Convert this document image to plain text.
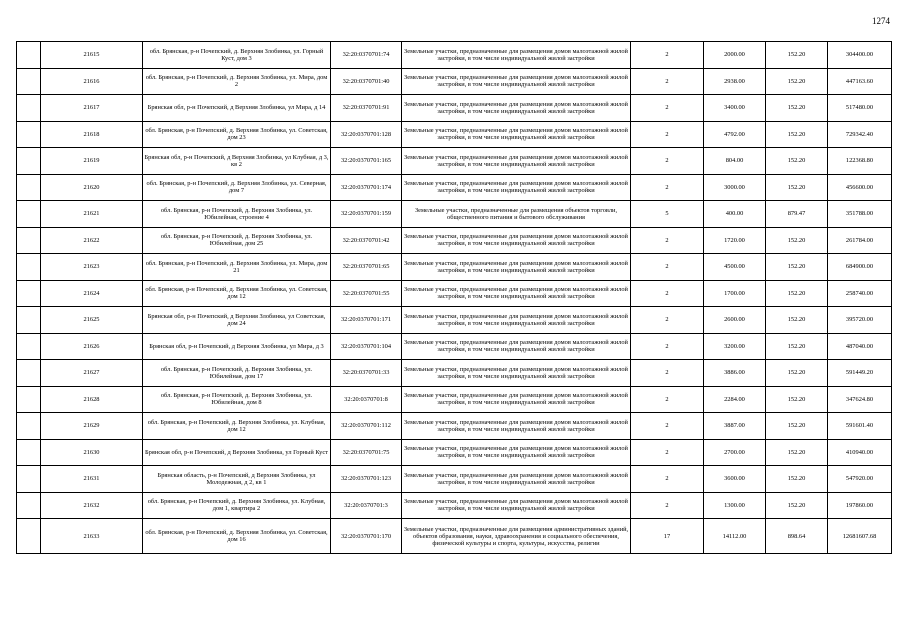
1274
	21615	обл. Брянская, р-н Почепский, д. Верхняя Злобинка, ул. Горный Куст, дом 3	32:20:0370701:74	Земельные участки, предназначенные для размещения домов малоэтажной жилой застройки, в том числе индивидуальной жилой застройки	2	2000.00	152.20	304400.00
	21616	обл. Брянская, р-н Почепский, д. Верхняя Злобинка, ул. Мира, дом 2	32:20:0370701:40	Земельные участки, предназначенные для размещения домов малоэтажной жилой застройки, в том числе индивидуальной жилой застройки	2	2938.00	152.20	447163.60
	21617	Брянская обл, р-н Почепский, д Верхняя Злобинка, ул Мира, д 14	32:20:0370701:91	Земельные участки, предназначенные для размещения домов малоэтажной жилой застройки, в том числе индивидуальной жилой застройки	2	3400.00	152.20	517480.00
	21618	обл. Брянская, р-н Почепский, д. Верхняя Злобинка, ул. Советская, дом 23	32:20:0370701:128	Земельные участки, предназначенные для размещения домов малоэтажной жилой застройки, в том числе индивидуальной жилой застройки	2	4792.00	152.20	729342.40
	21619	Брянская обл, р-н Почепский, д Верхняя Злобинка, ул Клубная, д 3, кв 2	32:20:0370701:165	Земельные участки, предназначенные для размещения домов малоэтажной жилой застройки, в том числе индивидуальной жилой застройки	2	804.00	152.20	122368.80
	21620	обл. Брянская, р-н Почепский, д. Верхняя Злобинка, ул. Северная, дом 7	32:20:0370701:174	Земельные участки, предназначенные для размещения домов малоэтажной жилой застройки, в том числе индивидуальной жилой застройки	2	3000.00	152.20	456600.00
	21621	обл. Брянская, р-н Почепский, д. Верхняя Злобинка, ул. Юбилейная, строение 4	32:20:0370701:159	Земельные участки, предназначенные для размещения объектов торговли, общественного питания и бытового обслуживания	5	400.00	879.47	351788.00
	21622	обл. Брянская, р-н Почепский, д. Верхняя Злобинка, ул. Юбилейная, дом 25	32:20:0370701:42	Земельные участки, предназначенные для размещения домов малоэтажной жилой застройки, в том числе индивидуальной жилой застройки	2	1720.00	152.20	261784.00
	21623	обл. Брянская, р-н Почепский, д. Верхняя Злобинка, ул. Мира, дом 21	32:20:0370701:65	Земельные участки, предназначенные для размещения домов малоэтажной жилой застройки, в том числе индивидуальной жилой застройки	2	4500.00	152.20	684900.00
	21624	обл. Брянская, р-н Почепский, д. Верхняя Злобинка, ул. Советская, дом 12	32:20:0370701:55	Земельные участки, предназначенные для размещения домов малоэтажной жилой застройки, в том числе индивидуальной жилой застройки	2	1700.00	152.20	258740.00
	21625	Брянская обл, р-н Почепский, д Верхняя Злобинка, ул Советская, дом 24	32:20:0370701:171	Земельные участки, предназначенные для размещения домов малоэтажной жилой застройки, в том числе индивидуальной жилой застройки	2	2600.00	152.20	395720.00
	21626	Брянская обл, р-н Почепский, д Верхняя Злобинка, ул Мира, д 3	32:20:0370701:104	Земельные участки, предназначенные для размещения домов малоэтажной жилой застройки, в том числе индивидуальной жилой застройки	2	3200.00	152.20	487040.00
	21627	обл. Брянская, р-н Почепский, д. Верхняя Злобинка, ул. Юбилейная, дом 17	32:20:0370701:33	Земельные участки, предназначенные для размещения домов малоэтажной жилой застройки, в том числе индивидуальной жилой застройки	2	3886.00	152.20	591449.20
	21628	обл. Брянская, р-н Почепский, д. Верхняя Злобинка, ул. Юбилейная, дом 8	32:20:0370701:8	Земельные участки, предназначенные для размещения домов малоэтажной жилой застройки, в том числе индивидуальной жилой застройки	2	2284.00	152.20	347624.80
	21629	обл. Брянская, р-н Почепский, д. Верхняя Злобинка, ул. Клубная, дом 12	32:20:0370701:112	Земельные участки, предназначенные для размещения домов малоэтажной жилой застройки, в том числе индивидуальной жилой застройки	2	3887.00	152.20	591601.40
	21630	Брянская обл, р-н Почепский, д Верхняя Злобинка, ул Горный Куст	32:20:0370701:75	Земельные участки, предназначенные для размещения домов малоэтажной жилой застройки, в том числе индивидуальной жилой застройки	2	2700.00	152.20	410940.00
	21631	Брянская область, р-н Почепский, д Верхняя Злобинка, ул Молодежная, д 2, кв 1	32:20:0370701:123	Земельные участки, предназначенные для размещения домов малоэтажной жилой застройки, в том числе индивидуальной жилой застройки	2	3600.00	152.20	547920.00
	21632	обл. Брянская, р-н Почепский, д. Верхняя Злобинка, ул. Клубная, дом 1, квартира 2	32:20:0370701:3	Земельные участки, предназначенные для размещения домов малоэтажной жилой застройки, в том числе индивидуальной жилой застройки	2	1300.00	152.20	197860.00
	21633	обл. Брянская, р-н Почепский, д. Верхняя Злобинка, ул. Советская, дом 16	32:20:0370701:170	Земельные участки, предназначенные для размещения административных зданий, объектов образования, науки, здравоохранения и социального обеспечения, физической культуры и спорта, культуры, искусства, религии	17	14112.00	898.64	12681607.68
